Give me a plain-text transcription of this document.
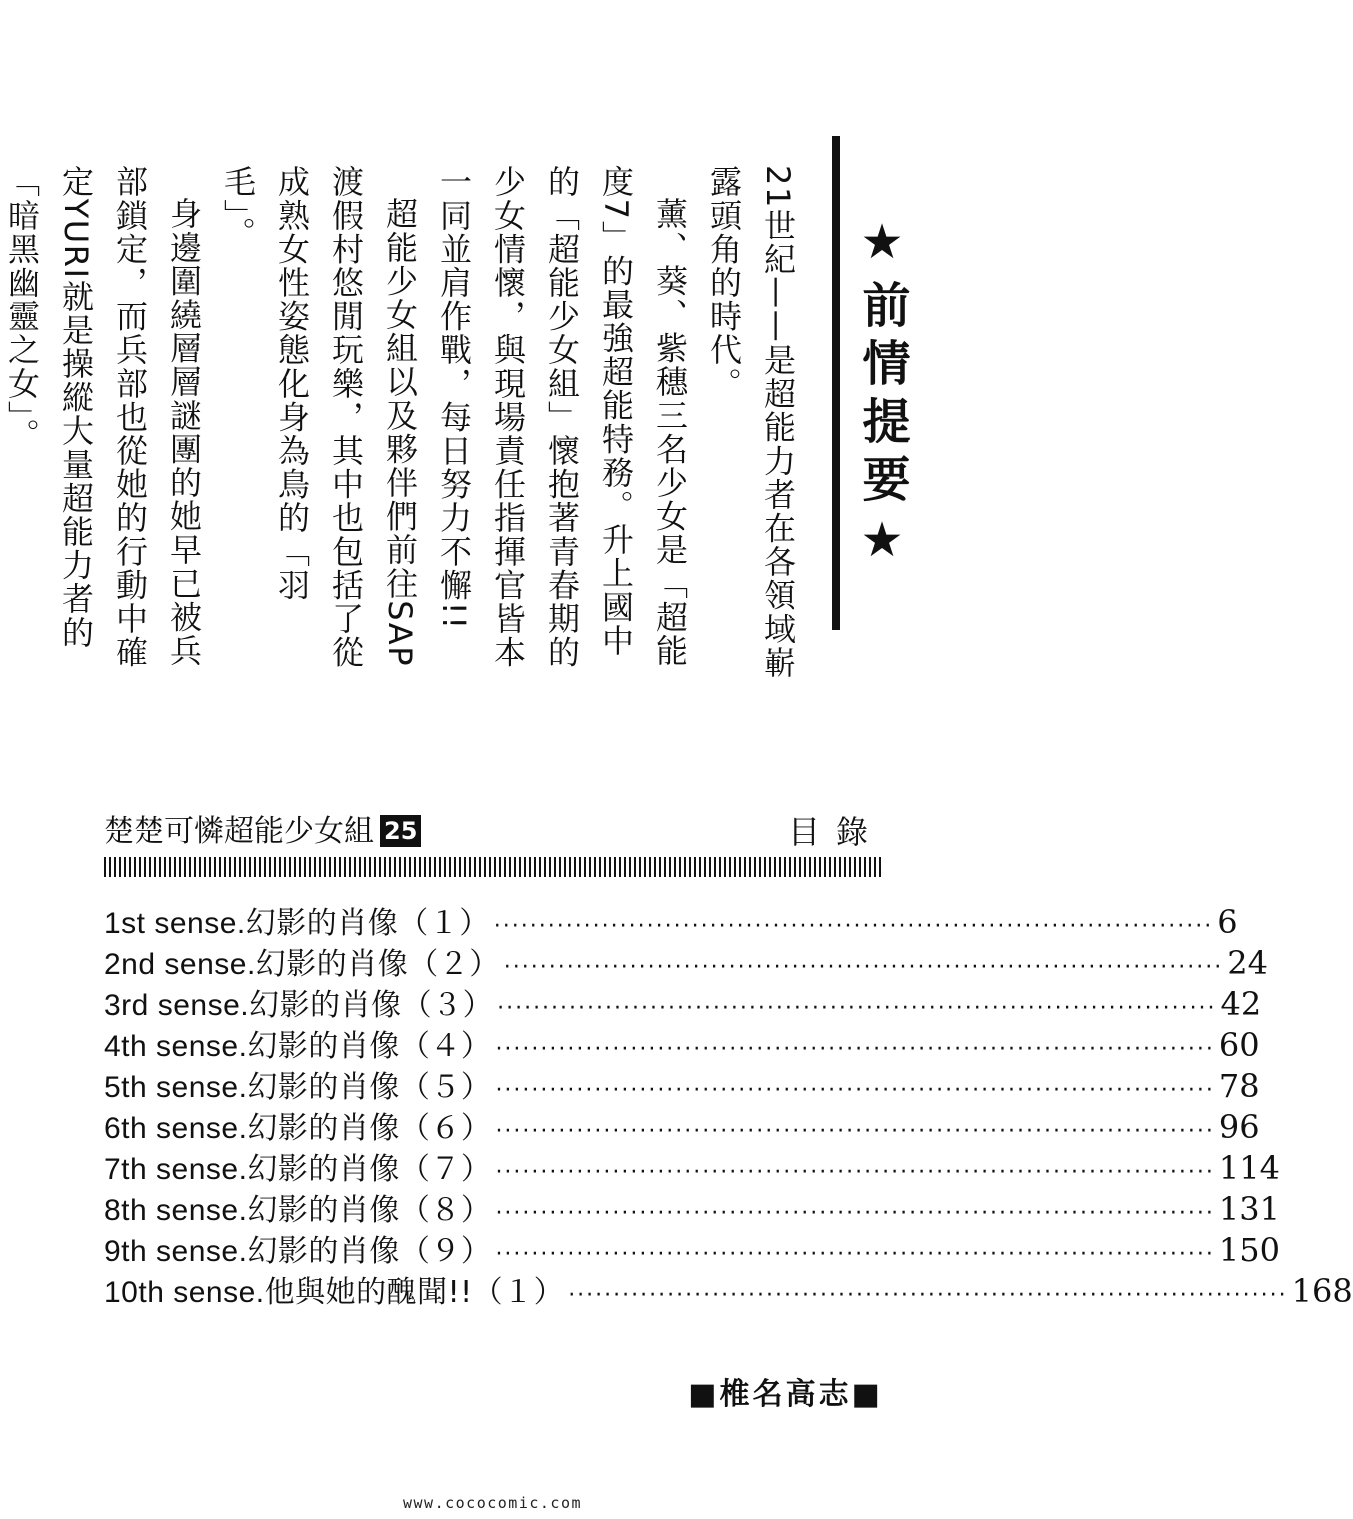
★前情提要★

21世紀——是超能力者在各領域嶄露頭角的時代。

薰、葵、紫穗三名少女是「超能度7」的最強超能特務。升上國中的「超能少女組」懷抱著青春期的少女情懷，與現場責任指揮官皆本一同並肩作戰，每日努力不懈!!

超能少女組以及夥伴們前往SAP渡假村悠閒玩樂，其中也包括了從成熟女性姿態化身為鳥的「羽毛」。

身邊圍繞層層謎團的她早已被兵部鎖定，而兵部也從她的行動中確定YURI就是操縱大量超能力者的「暗黑幽靈之女」。

楚楚可憐超能少女組 25	目錄
1st sense. 幻影的肖像（１） ················································································ 6
2nd sense. 幻影的肖像（２） ················································································ 24
3rd sense. 幻影的肖像（３） ················································································ 42
4th sense. 幻影的肖像（４） ················································································ 60
5th sense. 幻影的肖像（５） ················································································ 78
6th sense. 幻影的肖像（６） ················································································ 96
7th sense. 幻影的肖像（７） ················································································ 114
8th sense. 幻影的肖像（８） ················································································ 131
9th sense. 幻影的肖像（９） ················································································ 150
10th sense. 他與她的醜聞!!（１） ················································································ 168
■椎名高志■
www.cococomic.com
